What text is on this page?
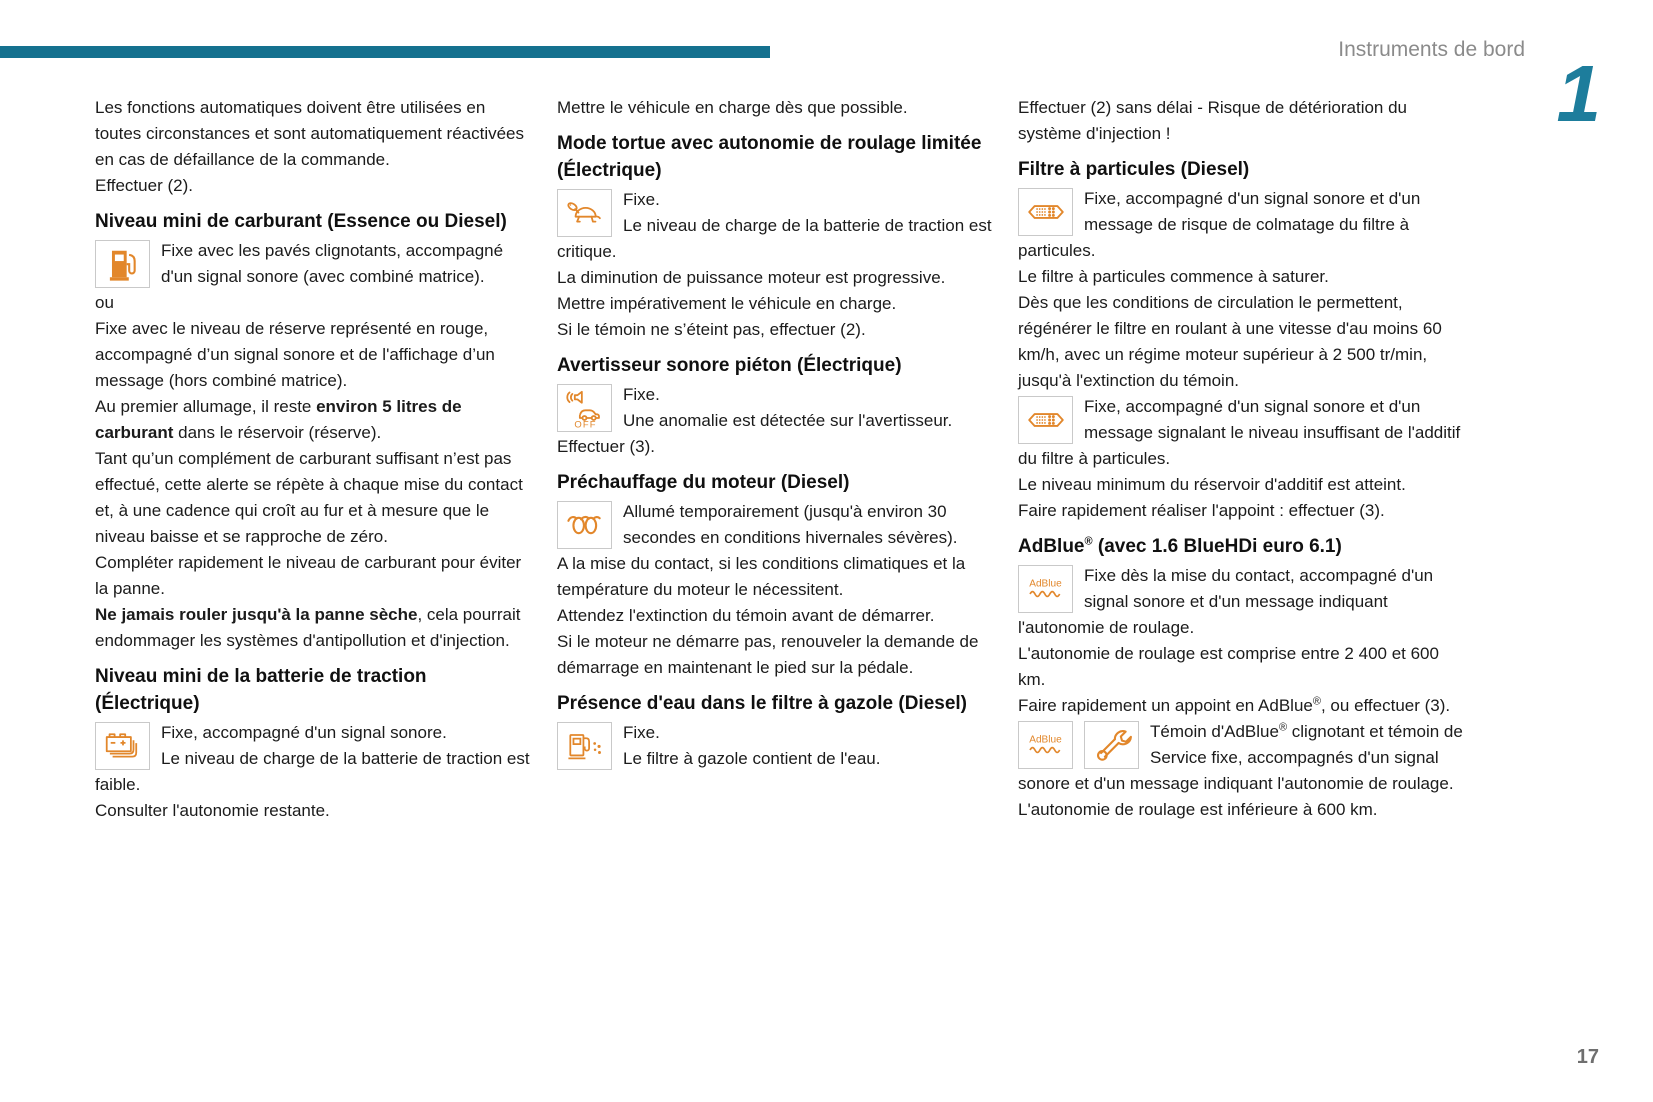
Instruments de bord 1
Les fonctions automatiques doivent être utilisées en toutes circonstances et sont automatiquement réactivées en cas de défaillance de la commande.
Effectuer (2).
Niveau mini de carburant (Essence ou Diesel)
Fixe avec les pavés clignotants, accompagné d'un signal sonore (avec combiné matrice).
ou
Fixe avec le niveau de réserve représenté en rouge, accompagné d’un signal sonore et de l'affichage d’un message (hors combiné matrice).
Au premier allumage, il reste environ 5 litres de carburant dans le réservoir (réserve).
Tant qu’un complément de carburant suffisant n’est pas effectué, cette alerte se répète à chaque mise du contact et, à une cadence qui croît au fur et à mesure que le niveau baisse et se rapproche de zéro.
Compléter rapidement le niveau de carburant pour éviter la panne.
Ne jamais rouler jusqu'à la panne sèche, cela pourrait endommager les systèmes d'antipollution et d'injection.
Niveau mini de la batterie de traction (Électrique)
Fixe, accompagné d'un signal sonore.
Le niveau de charge de la batterie de traction est faible.
Consulter l'autonomie restante.
Mettre le véhicule en charge dès que possible.
Mode tortue avec autonomie de roulage limitée (Électrique)
Fixe.
Le niveau de charge de la batterie de traction est critique.
La diminution de puissance moteur est progressive.
Mettre impérativement le véhicule en charge.
Si le témoin ne s’éteint pas, effectuer (2).
Avertisseur sonore piéton (Électrique)
OFF
Fixe.
Une anomalie est détectée sur l'avertisseur.
Effectuer (3).
Préchauffage du moteur (Diesel)
Allumé temporairement (jusqu'à environ 30 secondes en conditions hivernales sévères).
A la mise du contact, si les conditions climatiques et la température du moteur le nécessitent.
Attendez l'extinction du témoin avant de démarrer.
Si le moteur ne démarre pas, renouveler la demande de démarrage en maintenant le pied sur la pédale.
Présence d'eau dans le filtre à gazole (Diesel)
Fixe.
Le filtre à gazole contient de l'eau.
Effectuer (2) sans délai - Risque de détérioration du système d'injection !
Filtre à particules (Diesel)
Fixe, accompagné d'un signal sonore et d'un message de risque de colmatage du filtre à particules.
Le filtre à particules commence à saturer.
Dès que les conditions de circulation le permettent, régénérer le filtre en roulant à une vitesse d'au moins 60 km/h, avec un régime moteur supérieur à 2 500 tr/min, jusqu'à l'extinction du témoin.
Fixe, accompagné d'un signal sonore et d'un message signalant le niveau insuffisant de l'additif du filtre à particules.
Le niveau minimum du réservoir d'additif est atteint.
Faire rapidement réaliser l'appoint : effectuer (3).
AdBlue® (avec 1.6 BlueHDi euro 6.1)
AdBlue	Fixe dès la mise du contact, accompagné d'un signal sonore et d'un message indiquant l'autonomie de roulage.
L'autonomie de roulage est comprise entre 2 400 et 600 km.
Faire rapidement un appoint en AdBlue®, ou effectuer (3).
AdBlue	Témoin d'AdBlue® clignotant et témoin de Service fixe, accompagnés d'un signal sonore et d'un message indiquant l'autonomie de roulage.
L'autonomie de roulage est inférieure à 600 km.
17
